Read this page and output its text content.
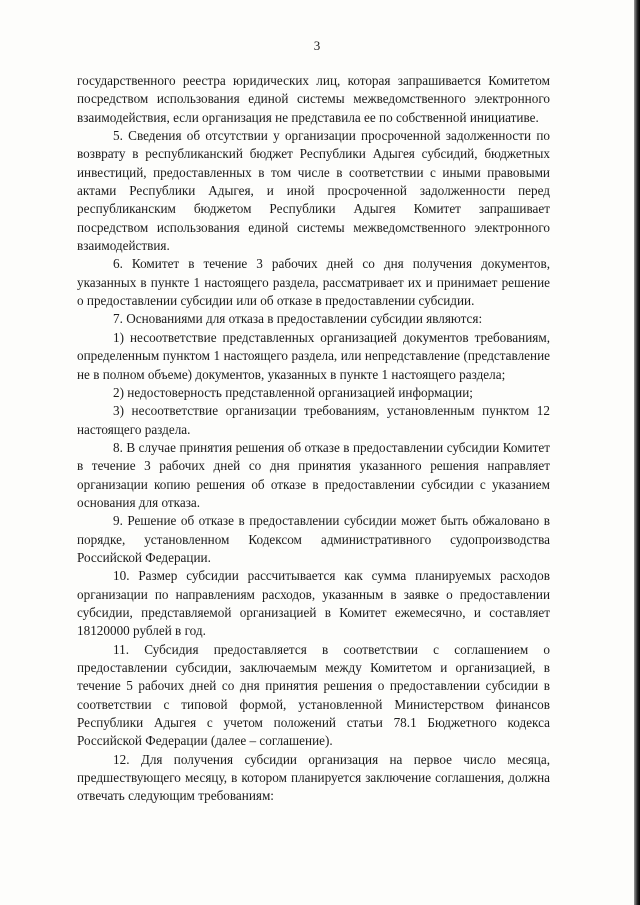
3

государственного реестра юридических лиц, которая запрашивается Комитетом посредством использования единой системы межведомственного электронного взаимодействия, если организация не представила ее по собственной инициативе.

5. Сведения об отсутствии у организации просроченной задолженности по возврату в республиканский бюджет Республики Адыгея субсидий, бюджетных инвестиций, предоставленных в том числе в соответствии с иными правовыми актами Республики Адыгея, и иной просроченной задолженности перед республиканским бюджетом Республики Адыгея Комитет запрашивает посредством использования единой системы межведомственного электронного взаимодействия.

6. Комитет в течение 3 рабочих дней со дня получения документов, указанных в пункте 1 настоящего раздела, рассматривает их и принимает решение о предоставлении субсидии или об отказе в предоставлении субсидии.

7. Основаниями для отказа в предоставлении субсидии являются:

1) несоответствие представленных организацией документов требованиям, определенным пунктом 1 настоящего раздела, или непредставление (представление не в полном объеме) документов, указанных в пункте 1 настоящего раздела;

2) недостоверность представленной организацией информации;

3) несоответствие организации требованиям, установленным пунктом 12 настоящего раздела.

8. В случае принятия решения об отказе в предоставлении субсидии Комитет в течение 3 рабочих дней со дня принятия указанного решения направляет организации копию решения об отказе в предоставлении субсидии с указанием основания для отказа.

9. Решение об отказе в предоставлении субсидии может быть обжаловано в порядке, установленном Кодексом административного судопроизводства Российской Федерации.

10. Размер субсидии рассчитывается как сумма планируемых расходов организации по направлениям расходов, указанным в заявке о предоставлении субсидии, представляемой организацией в Комитет ежемесячно, и составляет 18120000 рублей в год.

11. Субсидия предоставляется в соответствии с соглашением о предоставлении субсидии, заключаемым между Комитетом и организацией, в течение 5 рабочих дней со дня принятия решения о предоставлении субсидии в соответствии с типовой формой, установленной Министерством финансов Республики Адыгея с учетом положений статьи 78.1 Бюджетного кодекса Российской Федерации (далее – соглашение).

12. Для получения субсидии организация на первое число месяца, предшествующего месяцу, в котором планируется заключение соглашения, должна отвечать следующим требованиям:
